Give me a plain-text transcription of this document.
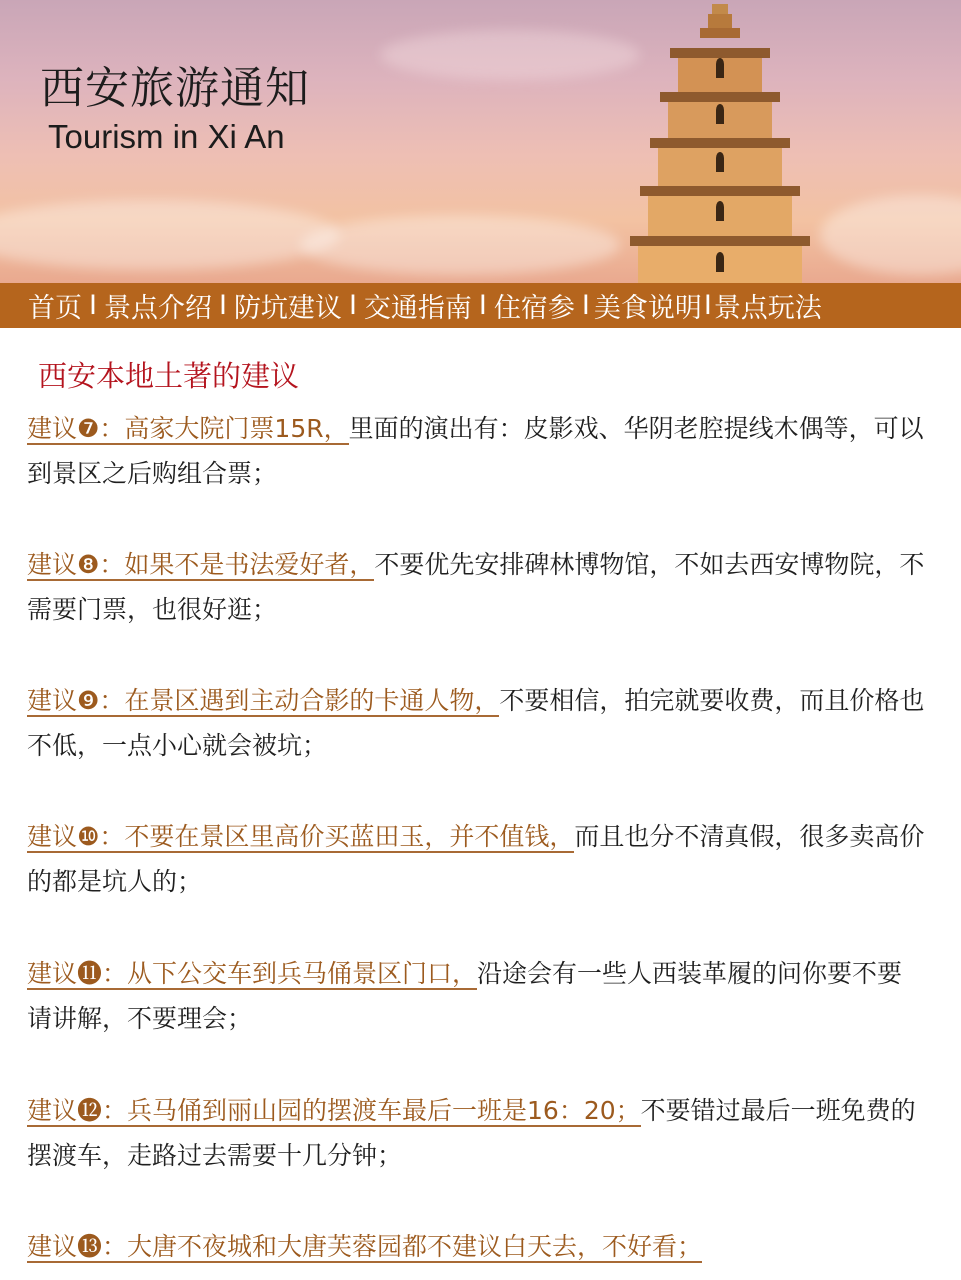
西安旅游通知
Tourism in Xi An
首页 I 景点介绍 I 防坑建议 I 交通指南 I 住宿参 I 美食说明 I 景点玩法
西安本地土著的建议

建议❼：高家大院门票15R，里面的演出有：皮影戏、华阴老腔提线木偶等，可以到景区之后购组合票；

建议❽：如果不是书法爱好者，不要优先安排碑林博物馆，不如去西安博物院，不需要门票，也很好逛；

建议❾：在景区遇到主动合影的卡通人物，不要相信，拍完就要收费，而且价格也不低，一点小心就会被坑；

建议❿：不要在景区里高价买蓝田玉，并不值钱，而且也分不清真假，很多卖高价的都是坑人的；

建议⓫：从下公交车到兵马俑景区门口，沿途会有一些人西装革履的问你要不要请讲解，不要理会；

建议⓬：兵马俑到丽山园的摆渡车最后一班是16：20；不要错过最后一班免费的摆渡车，走路过去需要十几分钟；

建议⓭：大唐不夜城和大唐芙蓉园都不建议白天去，不好看；
